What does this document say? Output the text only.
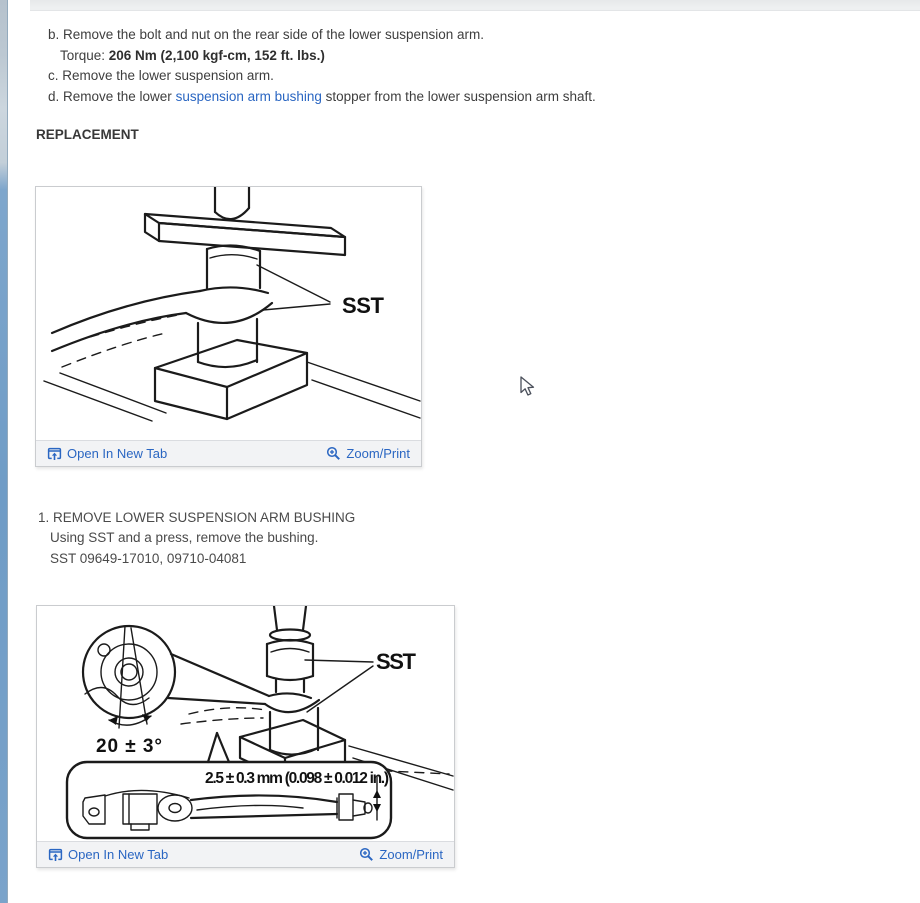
b. Remove the bolt and nut on the rear side of the lower suspension arm.
Torque: 206 Nm (2,100 kgf-cm, 152 ft. lbs.)
c. Remove the lower suspension arm.
d. Remove the lower suspension arm bushing stopper from the lower suspension arm shaft.
REPLACEMENT
SST
Open In New Tab	Zoom/Print
1. REMOVE LOWER SUSPENSION ARM BUSHING
Using SST and a press, remove the bushing.
SST 09649-17010, 09710-04081
20 ± 3°
SST
2.5 ± 0.3 mm (0.098 ± 0.012 in.)
Open In New Tab	Zoom/Print
